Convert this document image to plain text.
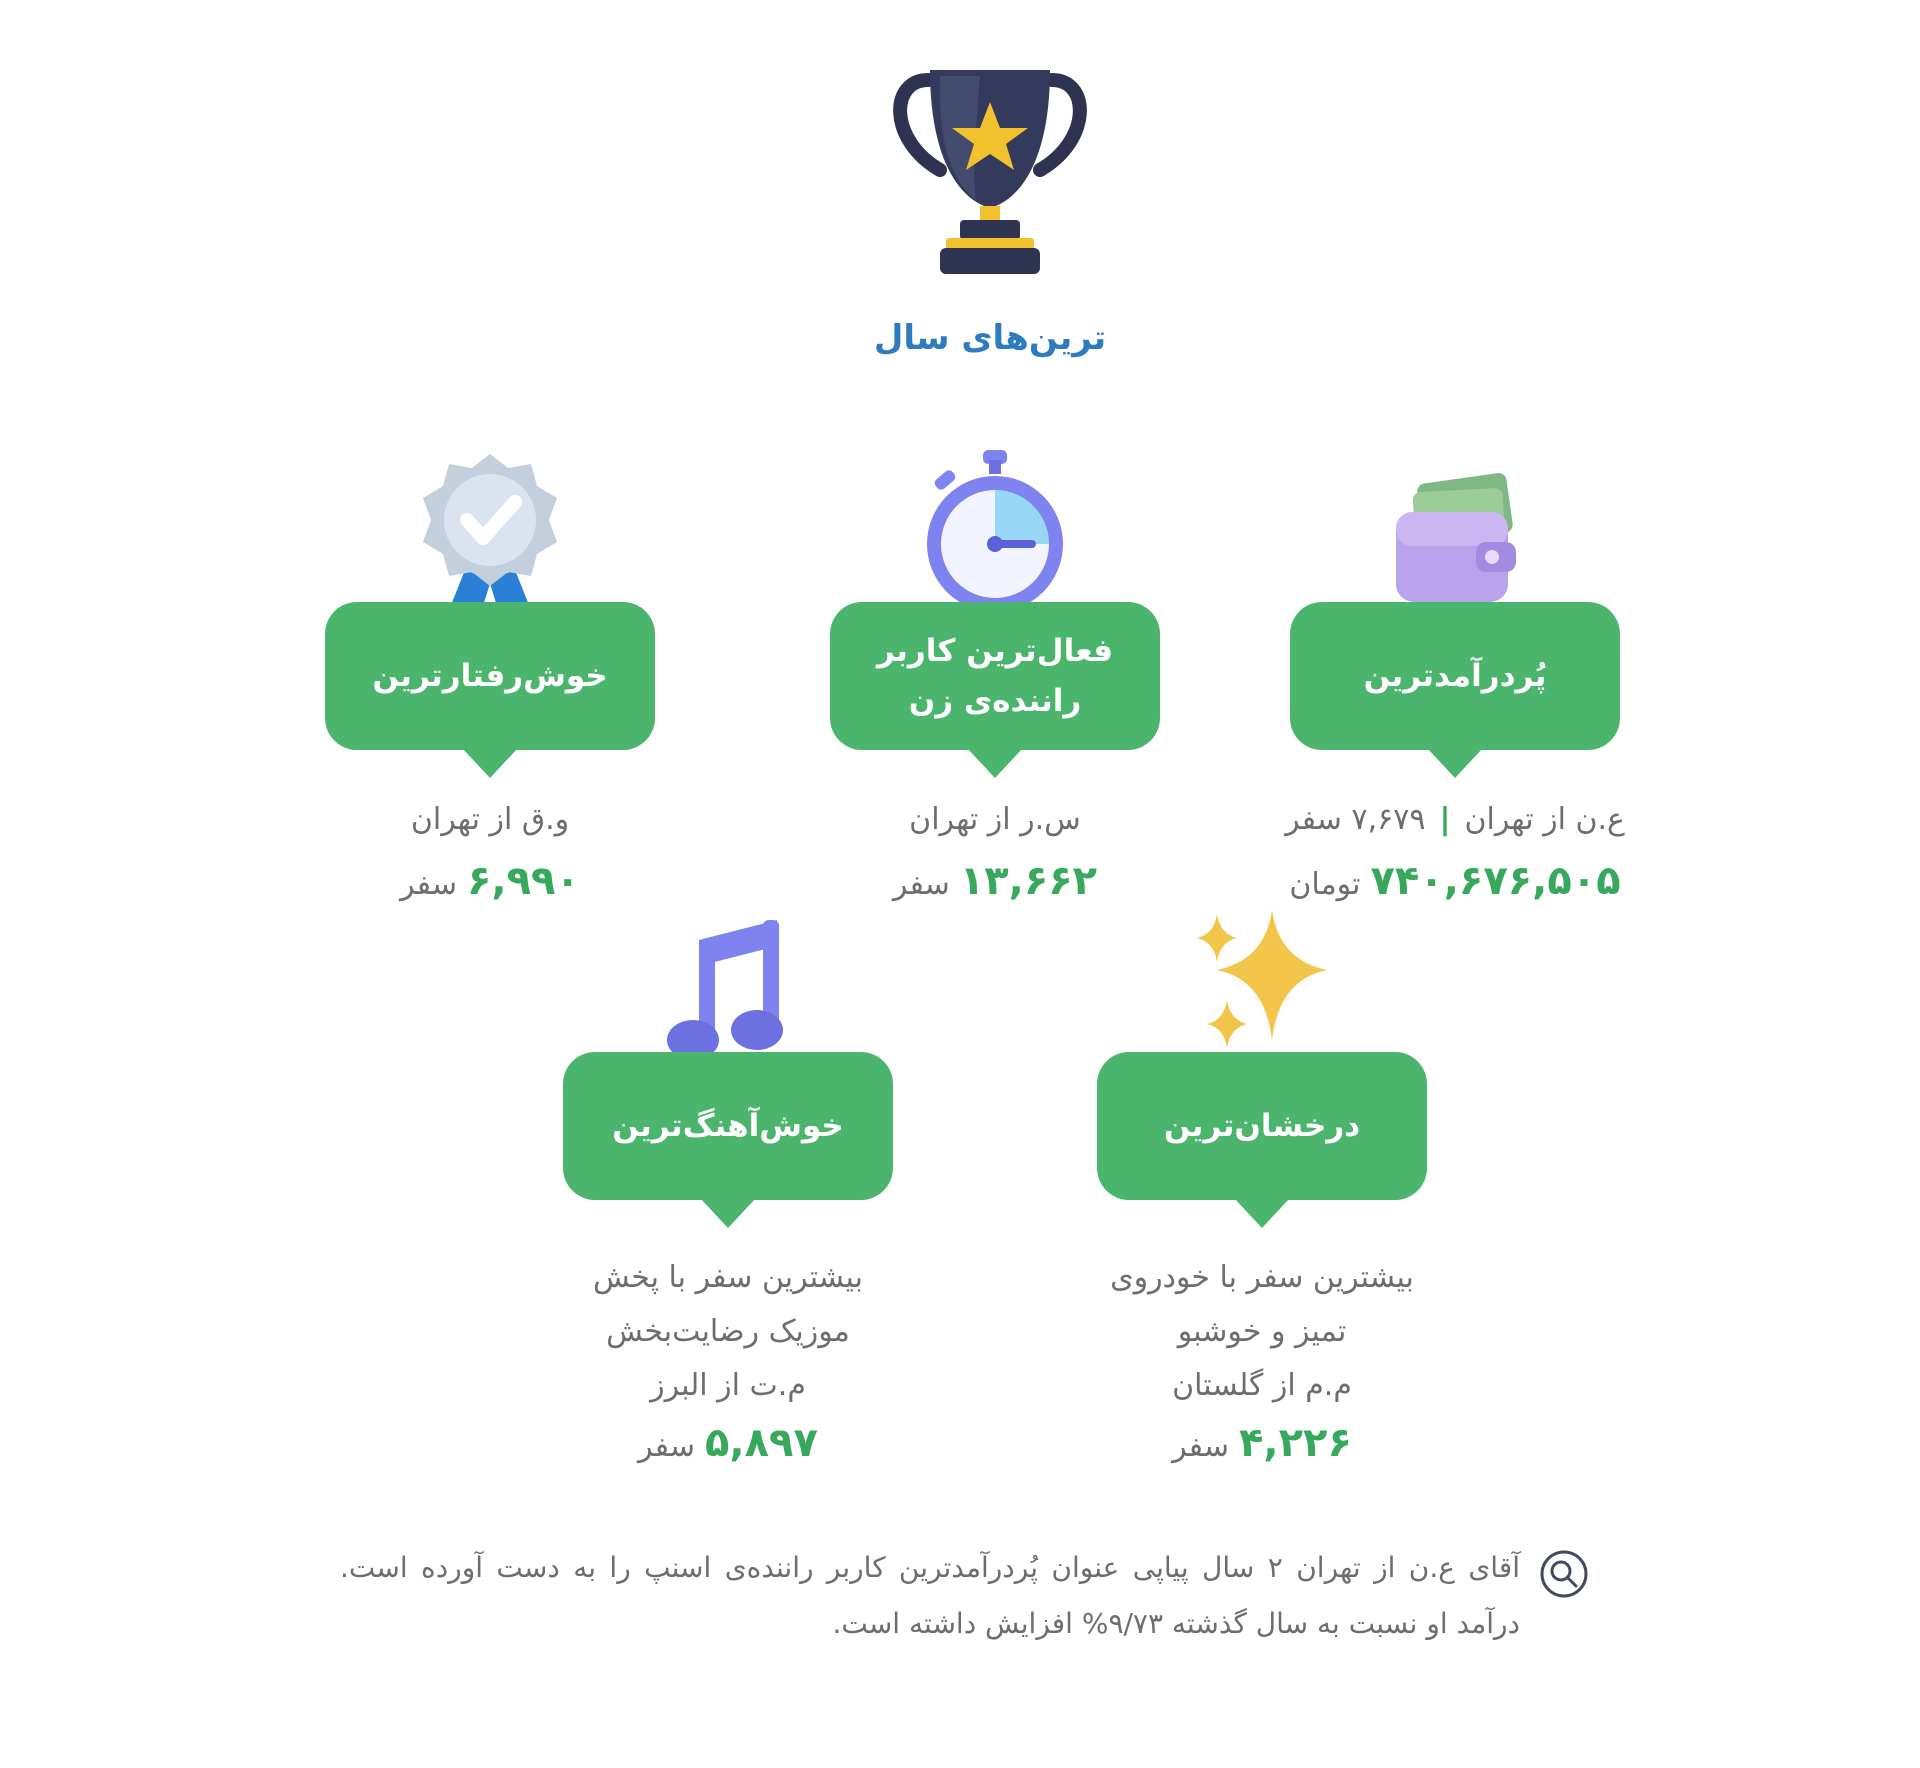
ترین‌های سال
پُردرآمدترین
ع.ن از تهران|۷,۶۷۹ سفر
۷۴۰,۶۷۶,۵۰۵تومان
فعال‌ترین کاربر راننده‌ی زن
س.ر از تهران
۱۳,۶۶۲سفر
خوش‌رفتارترین
و.ق از تهران
۶,۹۹۰سفر
درخشان‌ترین
بیشترین سفر با خودروی
تمیز و خوشبو
م.م از گلستان
۴,۲۲۶سفر
خوش‌آهنگ‌ترین
بیشترین سفر با پخش
موزیک رضایت‌بخش
م.ت از البرز
۵,۸۹۷سفر
آقای ع.ن از تهران ۲ سال پیاپی عنوان پُردرآمدترین کاربر راننده‌ی اسنپ را به دست آورده است. درآمد او نسبت به سال گذشته ۹/۷۳% افزایش داشته است.
